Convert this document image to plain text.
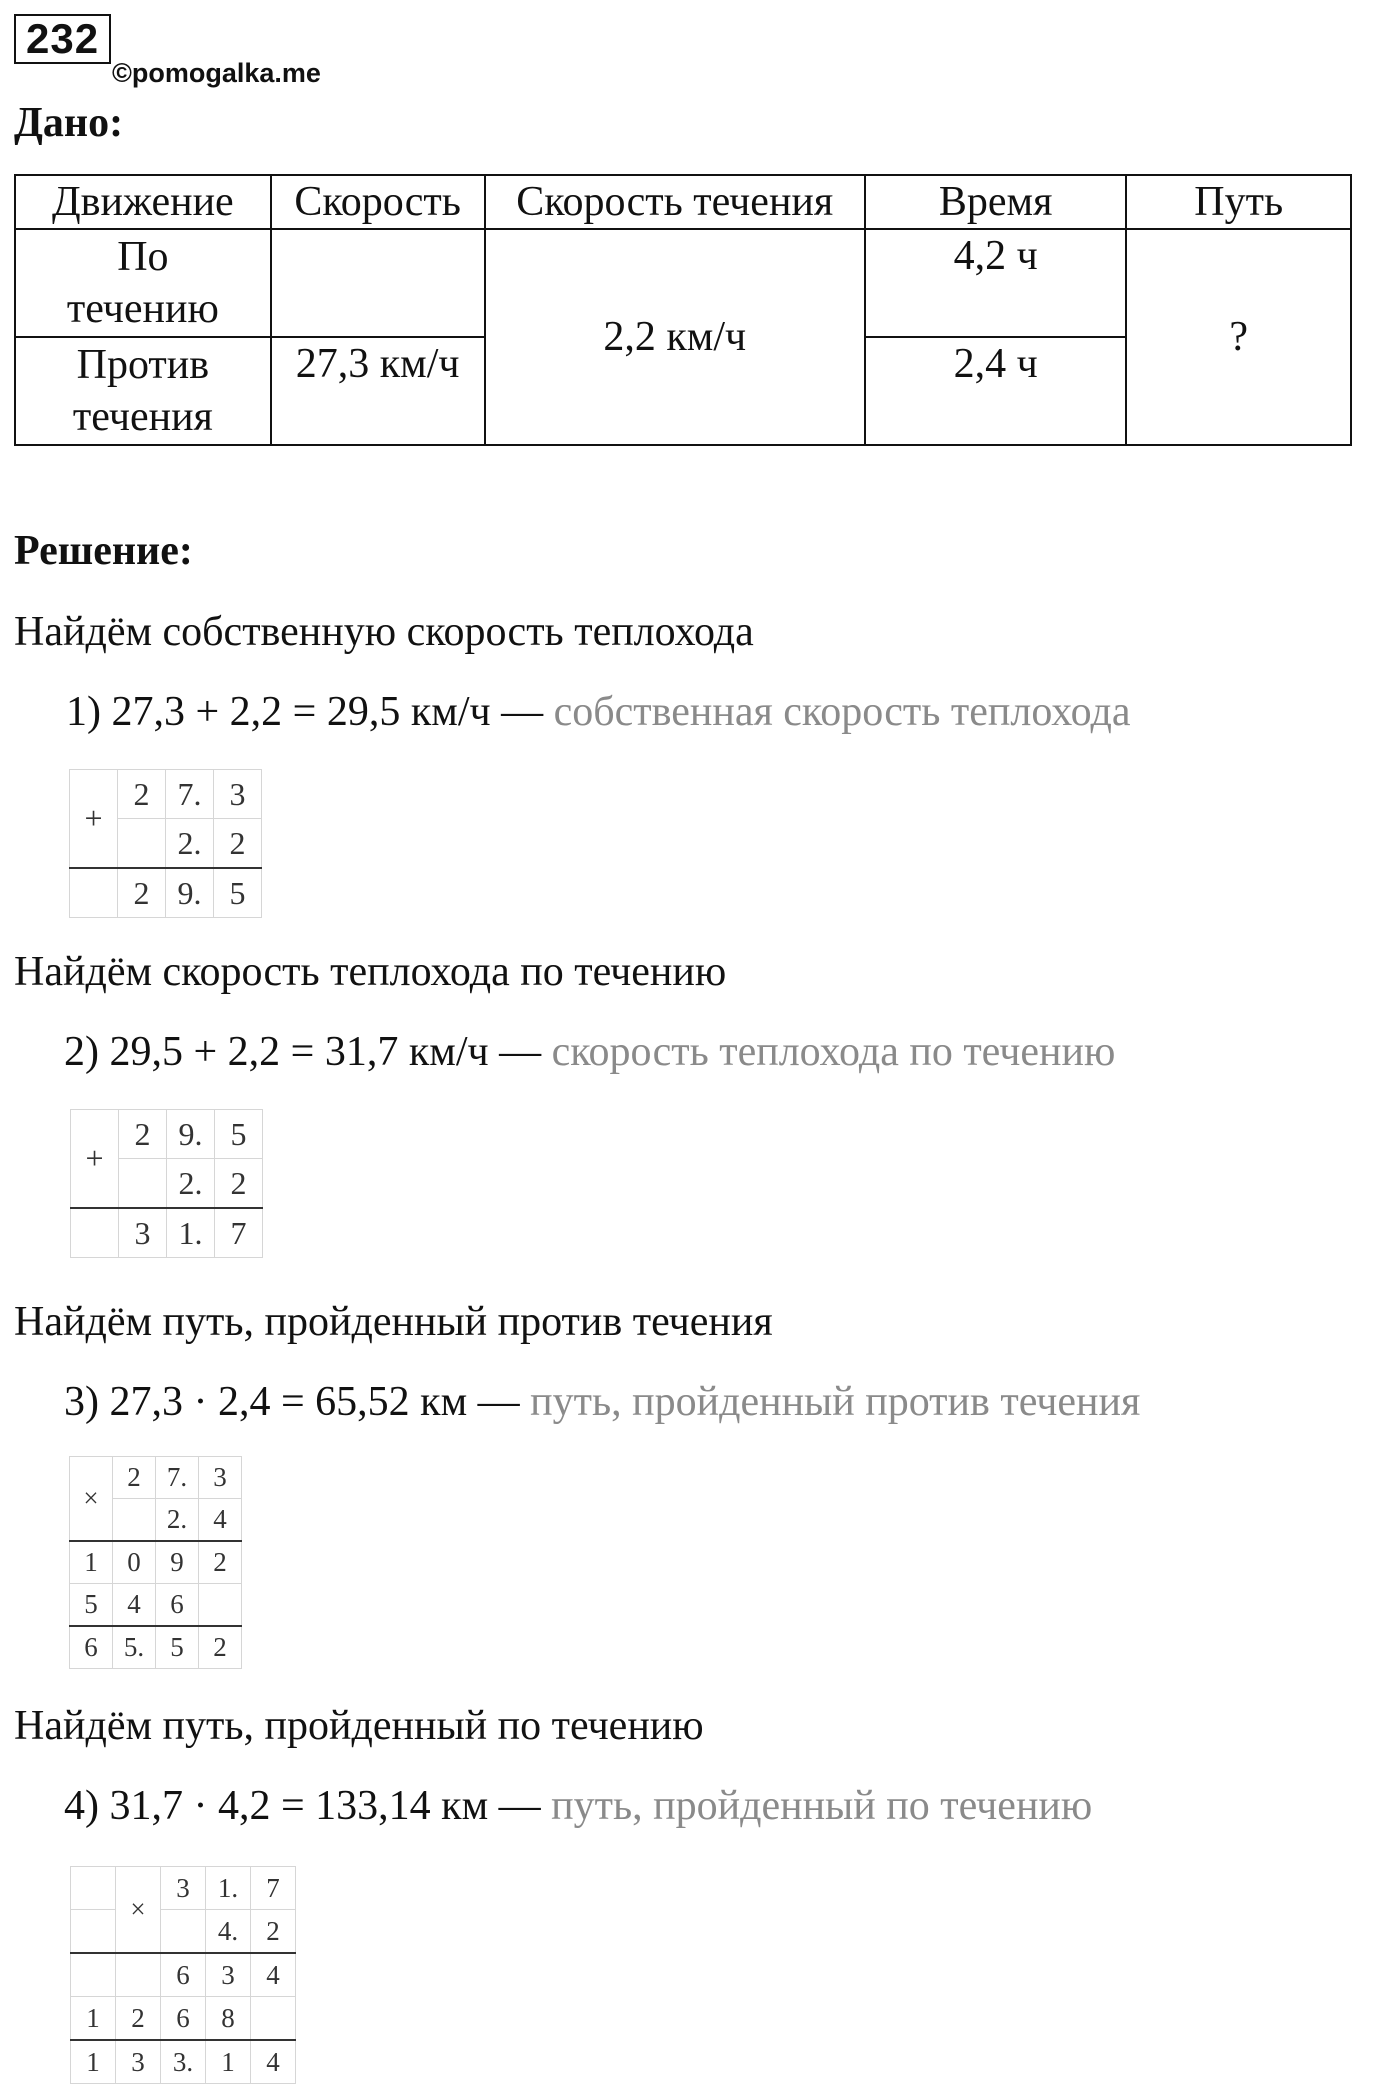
232
©pomogalka.me
Дано:
Движение	Скорость	Скорость течения	Время	Путь

По
течению		2,2 км/ч	4,2 ч	?

Против
течения	27,3 км/ч		2,4 ч	
Решение:
Найдём собственную скорость теплохода
1) 27,3 + 2,2 = 29,5 км/ч — собственная скорость теплохода
+	2	7.	3
		2.	2
	2	9.	5
Найдём скорость теплохода по течению
2) 29,5 + 2,2 = 31,7 км/ч — скорость теплохода по течению
+	2	9.	5
		2.	2
	3	1.	7
Найдём путь, пройденный против течения
3) 27,3 · 2,4 = 65,52 км — путь, пройденный против течения
×	2	7.	3
		2.	4
1	0	9	2
5	4	6	
6	5.	5	2
Найдём путь, пройденный по течению
4) 31,7 · 4,2 = 133,14 км — путь, пройденный по течению
	×	3	1.	7
			4.	2
		6	3	4
1	2	6	8	
1	3	3.	1	4
